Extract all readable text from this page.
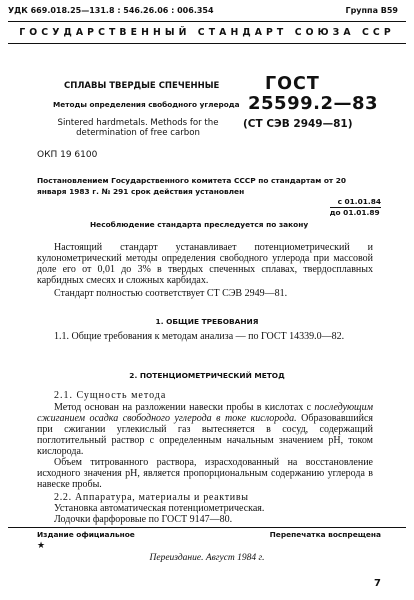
УДК 669.018.25—131.8 : 546.26.06 : 006.354	Группа В59
ГОСУДАРСТВЕННЫЙ СТАНДАРТ СОЮЗА ССР
СПЛАВЫ ТВЕРДЫЕ СПЕЧЕННЫЕ
Методы определения свободного углерода
Sintered hardmetals. Methods for the determination of free carbon
ГОСТ
25599.2—83
(СТ СЭВ 2949—81)
ОКП 19 6100
Постановлением Государственного комитета СССР по стандартам от 20 января 1983 г. № 291 срок действия установлен
с 01.01.84
до 01.01.89
Несоблюдение стандарта преследуется по закону
Настоящий стандарт устанавливает потенциометрический и кулонометрический методы определения свободного углерода при массовой доле его от 0,01 до 3% в твердых спеченных сплавах, твердосплавных карбидных смесях и сложных карбидах.
Стандарт полностью соответствует СТ СЭВ 2949—81.
1. ОБЩИЕ ТРЕБОВАНИЯ
1.1. Общие требования к методам анализа — по ГОСТ 14339.0—82.
2. ПОТЕНЦИОМЕТРИЧЕСКИЙ МЕТОД
2.1. Сущность метода
Метод основан на разложении навески пробы в кислотах с последующим сжиганием осадка свободного углерода в токе кислорода. Образовавшийся при сжигании углекислый газ вытесняется в сосуд, содержащий поглотительный раствор с определенным начальным значением рН, током кислорода.
Объем титрованного раствора, израсходованный на восстановление исходного значения рН, является пропорциональным содержанию углерода в навеске пробы.
2.2. Аппаратура, материалы и реактивы
Установка автоматическая потенциометрическая.
Лодочки фарфоровые по ГОСТ 9147—80.
Издание официальное
★
Перепечатка воспрещена
Переиздание. Август 1984 г.
7
